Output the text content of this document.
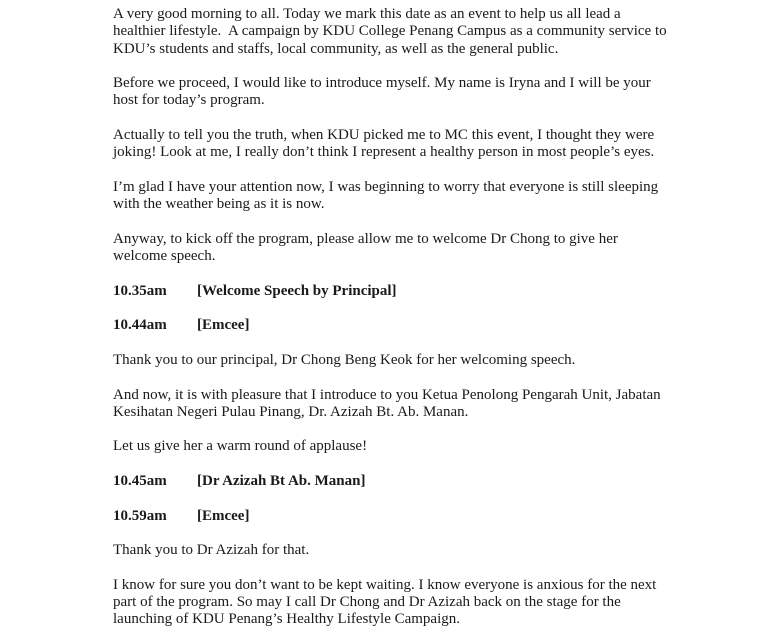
A very good morning to all. Today we mark this date as an event to help us all lead a healthier lifestyle.  A campaign by KDU College Penang Campus as a community service to KDU’s students and staffs, local community, as well as the general public.

Before we proceed, I would like to introduce myself. My name is Iryna and I will be your host for today’s program.

Actually to tell you the truth, when KDU picked me to MC this event, I thought they were joking! Look at me, I really don’t think I represent a healthy person in most people’s eyes.

I’m glad I have your attention now, I was beginning to worry that everyone is still sleeping with the weather being as it is now.

Anyway, to kick off the program, please allow me to welcome Dr Chong to give her welcome speech.

10.35am	[Welcome Speech by Principal]
10.44am	[Emcee]

Thank you to our principal, Dr Chong Beng Keok for her welcoming speech.

And now, it is with pleasure that I introduce to you Ketua Penolong Pengarah Unit, Jabatan Kesihatan Negeri Pulau Pinang, Dr. Azizah Bt. Ab. Manan.

Let us give her a warm round of applause!

10.45am	[Dr Azizah Bt Ab. Manan]
10.59am	[Emcee]

Thank you to Dr Azizah for that.

I know for sure you don’t want to be kept waiting. I know everyone is anxious for the next part of the program. So may I call Dr Chong and Dr Azizah back on the stage for the launching of KDU Penang’s Healthy Lifestyle Campaign.
